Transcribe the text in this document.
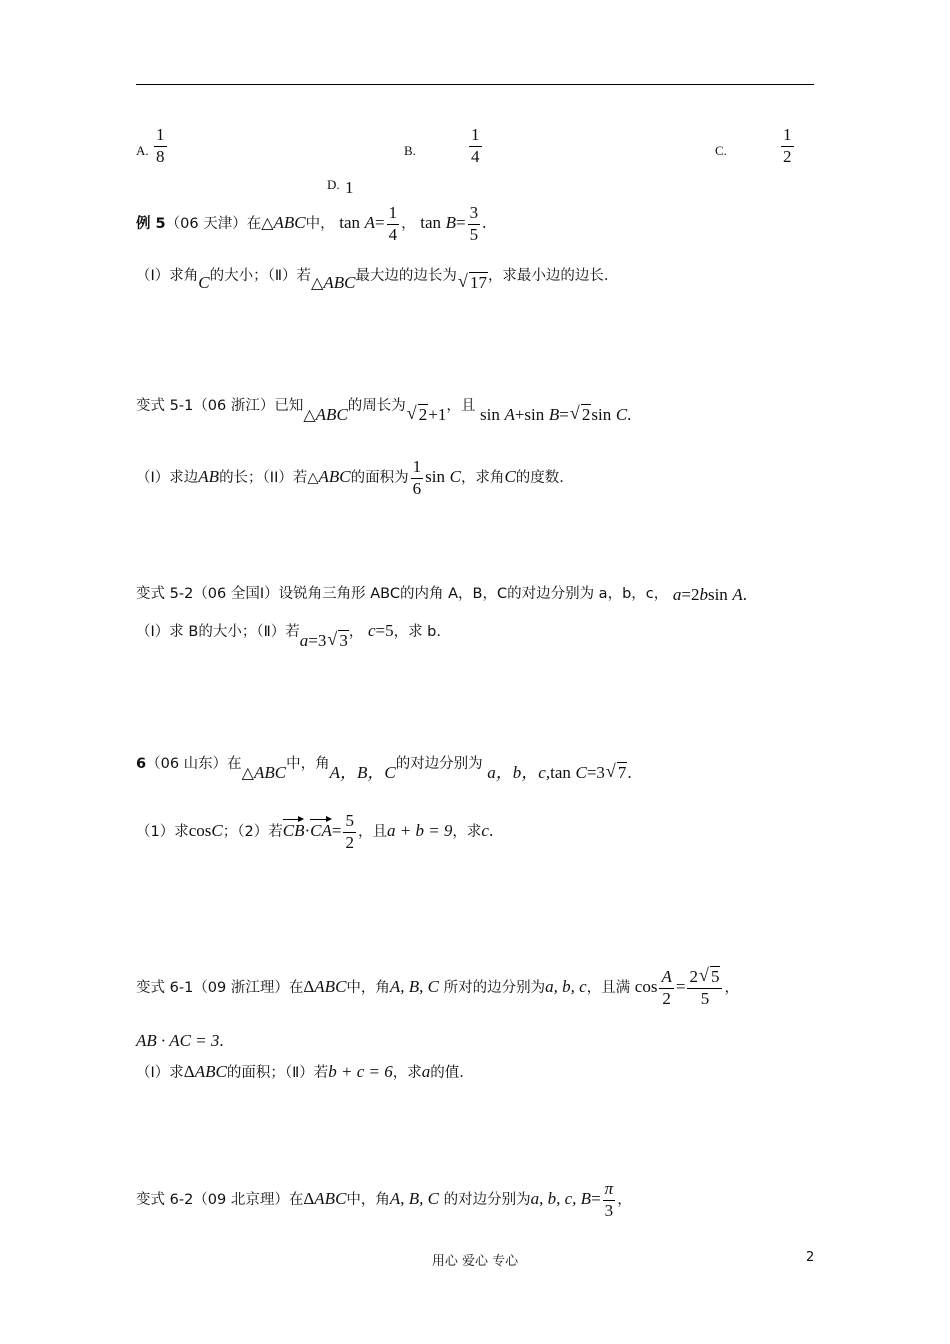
A. $\frac{1}{8}$	B.	$\frac{1}{4}$	C.	$\frac{1}{2}$
D. 1
例 5（06 天津）在△ABC中， $\tan A= \frac{1}{4}$ ， $\tan B= \frac{3}{5}$ .
（Ⅰ）求角C的大小；（Ⅱ）若△ABC最大边的边长为 √ 17，求最小边的边长.
变式 5-1（06 浙江）已知△ABC的周长为 √ 2+1，且 sin A+sin B= √ 2sin C.
（I）求边AB的长；（II）若△ABC的面积为 $\frac{1}{6}$ sin C，求角C的度数.
变式 5-2（06 全国Ⅰ）设锐角三角形 ABC的内角 A，B，C的对边分别为 a，b，c， a=2bsin A.
（Ⅰ）求 B的大小；（Ⅱ）若a=3 √ 3， c=5，求 b.
6（06 山东）在△ABC中，角A，B，C的对边分别为 a，b，c,tan C=3 √ 7.
（1）求cosC；（2）若$CB\cdot CA= \frac{5}{2}$ ，且a + b = 9，求c.
变式 6-1（09 浙江理）在ΔABC中，角A, B, C 所对的边分别为a, b, c，且满 $\cos \frac{A}{2} = \frac{2 √ 5}{5}$ ，
AB · AC = 3.
（Ⅰ）求ΔABC的面积；（Ⅱ）若b + c = 6，求a的值.
变式 6-2（09 北京理）在ΔABC中，角A, B, C 的对边分别为a, b, c, $B= \frac{\pi}{3}$ ，
用心 爱心 专心	2
